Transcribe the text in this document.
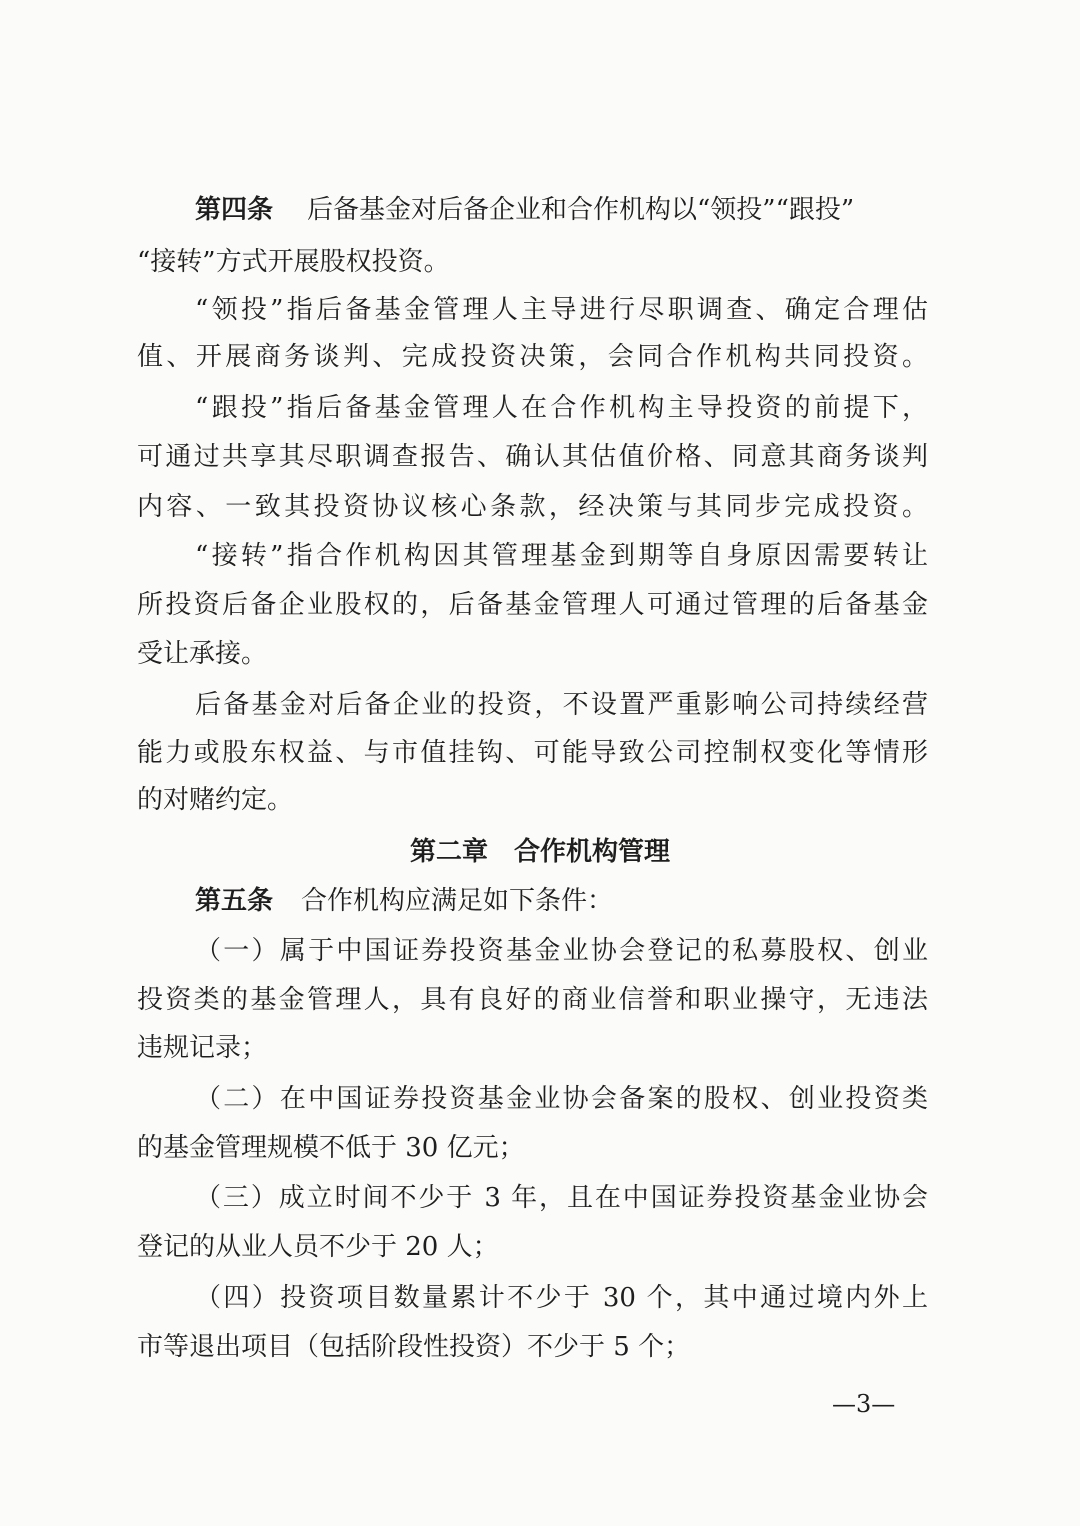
第四条 后备基金对后备企业和合作机构以“领投”“跟投”
“接转”方式开展股权投资。
“领投”指后备基金管理人主导进行尽职调查、确定合理估
值、开展商务谈判、完成投资决策，会同合作机构共同投资。
“跟投”指后备基金管理人在合作机构主导投资的前提下，
可通过共享其尽职调查报告、确认其估值价格、同意其商务谈判
内容、一致其投资协议核心条款，经决策与其同步完成投资。
“接转”指合作机构因其管理基金到期等自身原因需要转让
所投资后备企业股权的，后备基金管理人可通过管理的后备基金
受让承接。
后备基金对后备企业的投资，不设置严重影响公司持续经营
能力或股东权益、与市值挂钩、可能导致公司控制权变化等情形
的对赌约定。
第二章　合作机构管理
第五条 合作机构应满足如下条件：
（一）属于中国证券投资基金业协会登记的私募股权、创业
投资类的基金管理人，具有良好的商业信誉和职业操守，无违法
违规记录；
（二）在中国证券投资基金业协会备案的股权、创业投资类
的基金管理规模不低于 30 亿元；
（三）成立时间不少于 3 年，且在中国证券投资基金业协会
登记的从业人员不少于 20 人；
（四）投资项目数量累计不少于 30 个，其中通过境内外上
市等退出项目（包括阶段性投资）不少于 5 个；
—3—
